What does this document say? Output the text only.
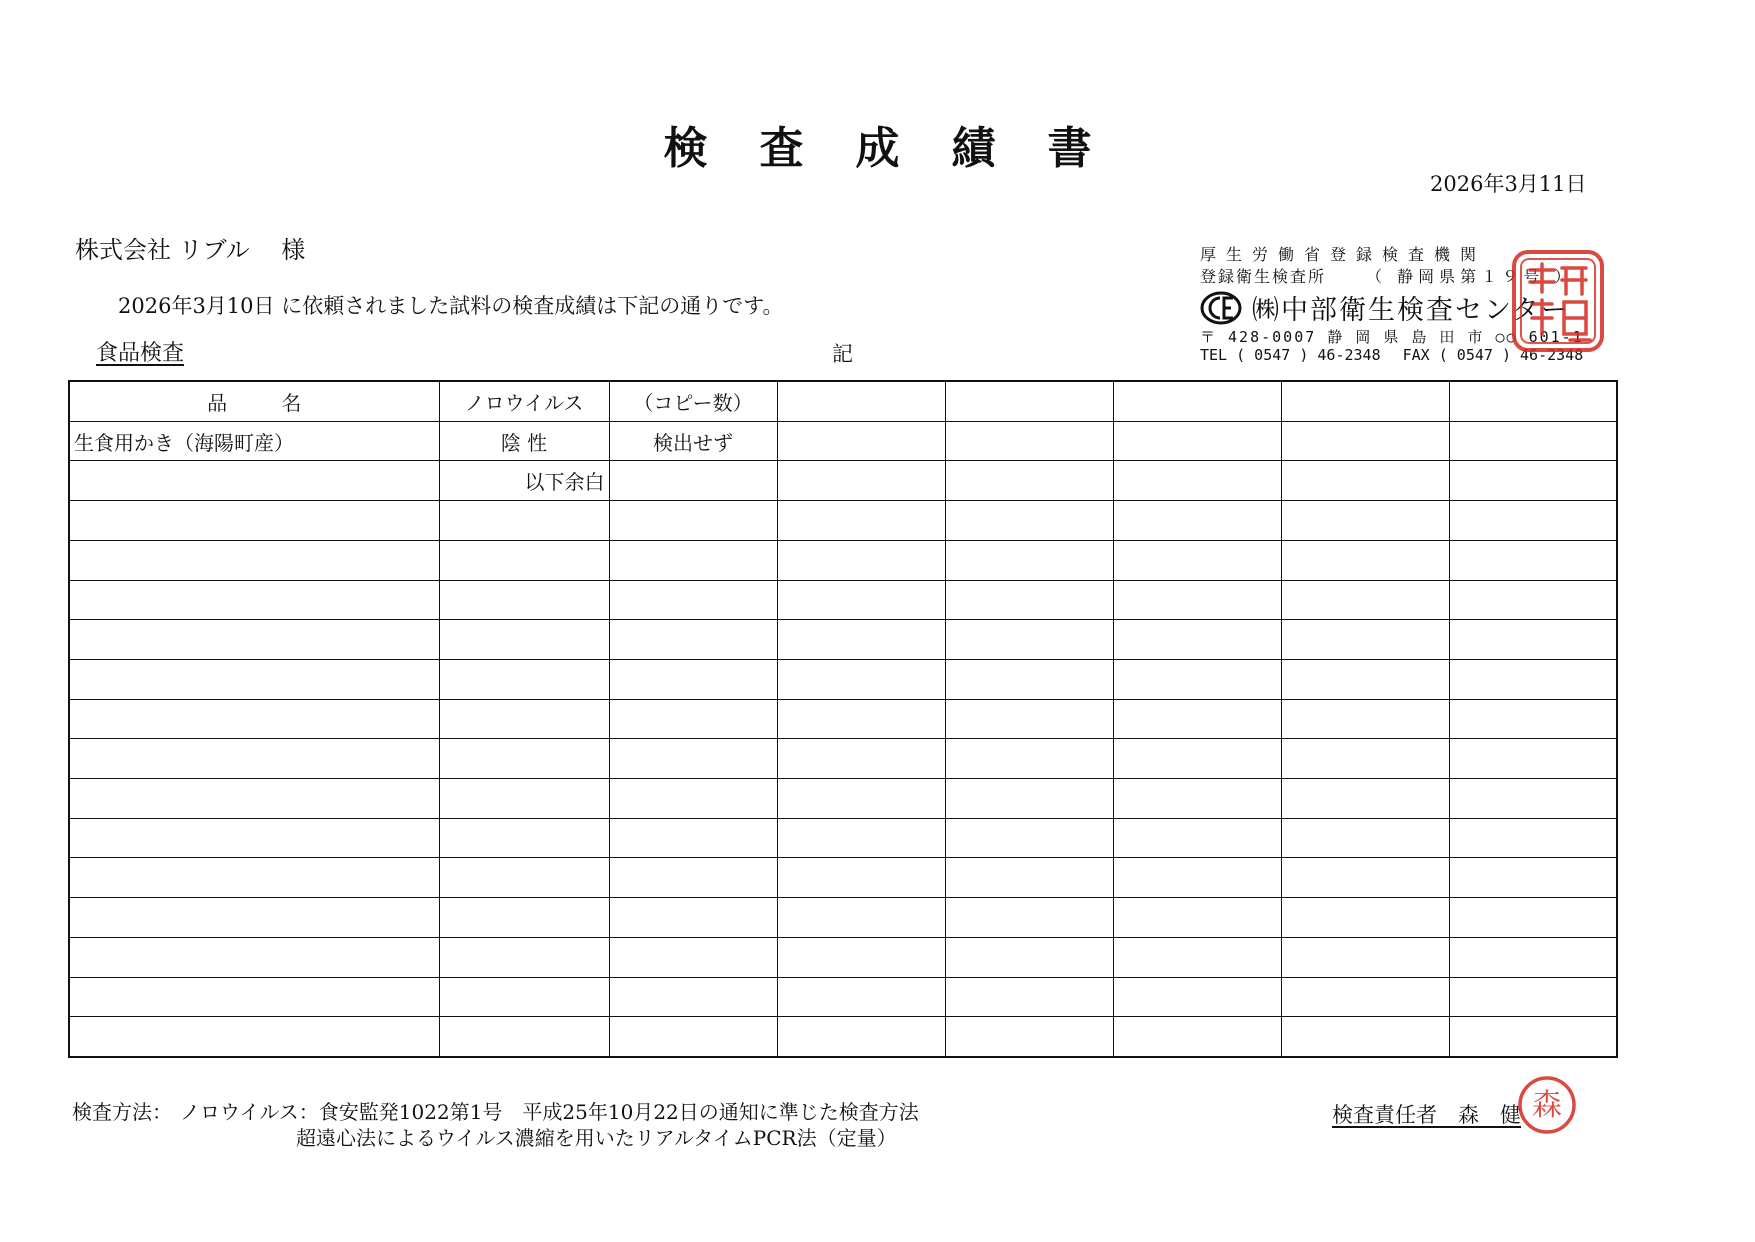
検査成績書
2026年3月11日
株式会社 リブル　 様
2026年3月10日 に依頼されました試料の検査成績は下記の通りです。
食品検査	記
厚生労働省登録検査機関
登録衛生検査所	（ 静岡県第１９号 ）
㈱中部衛生検査センター
〒 428-0007 静 岡 県 島 田 市 ○○ 601-1
TEL ( 0547 ) 46-2348 FAX ( 0547 ) 46-2348
品 名	ノロウイルス	（コピー数）					
生食用かき（海陽町産）	陰 性	検出せず					
	以下余白						

検査方法： ノロウイルス：食安監発1022第1号　平成25年10月22日の通知に準じた検査方法
超遠心法によるウイルス濃縮を用いたリアルタイムPCR法（定量）
検査責任者　森　健 森
